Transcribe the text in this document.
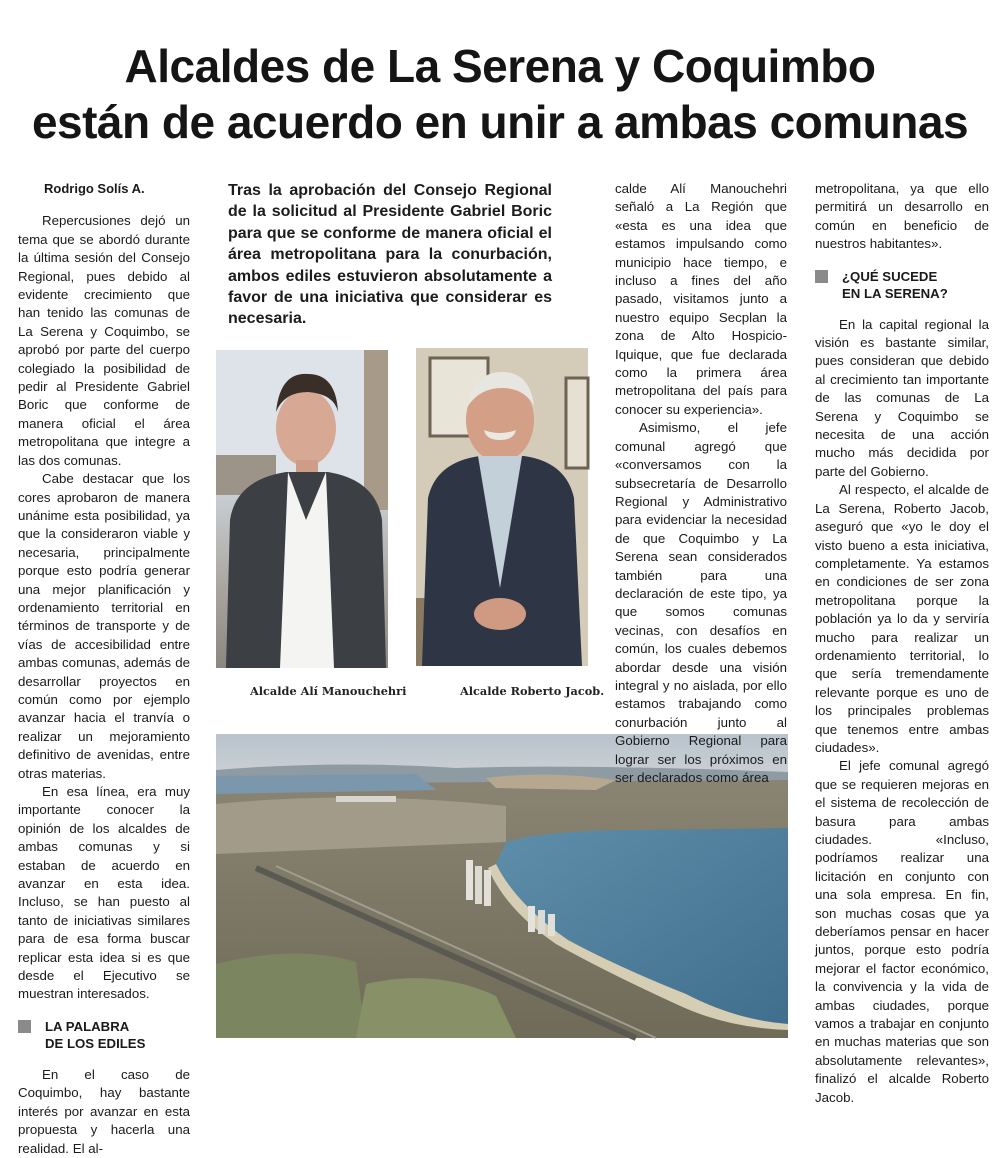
Alcaldes de La Serena y Coquimbo
están de acuerdo en unir a ambas comunas
Rodrigo Solís A.

Repercusiones dejó un tema que se abordó durante la última sesión del Consejo Regional, pues debido al evidente crecimiento que han tenido las comunas de La Serena y Coquimbo, se aprobó por parte del cuerpo colegiado la posibilidad de pedir al Presidente Gabriel Boric que conforme de manera oficial el área metropolitana que integre a las dos comunas.

Cabe destacar que los cores aprobaron de manera unánime esta posibilidad, ya que la consideraron viable y necesaria, principalmente porque esto podría generar una mejor planificación y ordenamiento territorial en términos de transporte y de vías de accesibilidad entre ambas comunas, además de desarrollar proyectos en común como por ejemplo avanzar hacia el tranvía o realizar un mejoramiento definitivo de avenidas, entre otras materias.

En esa línea, era muy importante conocer la opinión de los alcaldes de ambas comunas y si estaban de acuerdo en avanzar en esta idea. Incluso, se han puesto al tanto de iniciativas similares para de esa forma buscar replicar esta idea si es que desde el Ejecutivo se muestran interesados.

LA PALABRA
DE LOS EDILES

En el caso de Coquimbo, hay bastante interés por avanzar en esta propuesta y hacerla una realidad. El al-

Tras la aprobación del Consejo Regional de la solicitud al Presidente Gabriel Boric para que se conforme de manera oficial el área metropolitana para la conurbación, ambos ediles estuvieron absolutamente a favor de una iniciativa que considerar es necesaria.
Alcalde Alí Manouchehri	Alcalde Roberto Jacob.

calde Alí Manouchehri señaló a La Región que «esta es una idea que estamos impulsando como municipio hace tiempo, e incluso a fines del año pasado, visitamos junto a nuestro equipo Secplan la zona de Alto Hospicio-Iquique, que fue declarada como la primera área metropolitana del país para conocer su experiencia».

Asimismo, el jefe comunal agregó que «conversamos con la subsecretaría de Desarrollo Regional y Administrativo para evidenciar la necesidad de que Coquimbo y La Serena sean considerados también para una declaración de este tipo, ya que somos comunas vecinas, con desafíos en común, los cuales debemos abordar desde una visión integral y no aislada, por ello estamos trabajando como conurbación junto al Gobierno Regional para lograr ser los próximos en ser declarados como área

metropolitana, ya que ello permitirá un desarrollo en común en beneficio de nuestros habitantes».

¿QUÉ SUCEDE
EN LA SERENA?

En la capital regional la visión es bastante similar, pues consideran que debido al crecimiento tan importante de las comunas de La Serena y Coquimbo se necesita de una acción mucho más decidida por parte del Gobierno.

Al respecto, el alcalde de La Serena, Roberto Jacob, aseguró que «yo le doy el visto bueno a esta iniciativa, completamente. Ya estamos en condiciones de ser zona metropolitana porque la población ya lo da y serviría mucho para realizar un ordenamiento territorial, lo que sería tremendamente relevante porque es uno de los principales problemas que tenemos entre ambas ciudades».

El jefe comunal agregó que se requieren mejoras en el sistema de recolección de basura para ambas ciudades. «Incluso, podríamos realizar una licitación en conjunto con una sola empresa. En fin, son muchas cosas que ya deberíamos pensar en hacer juntos, porque esto podría mejorar el factor económico, la convivencia y la vida de ambas ciudades, porque vamos a trabajar en conjunto en muchas materias que son absolutamente relevantes», finalizó el alcalde Roberto Jacob.
